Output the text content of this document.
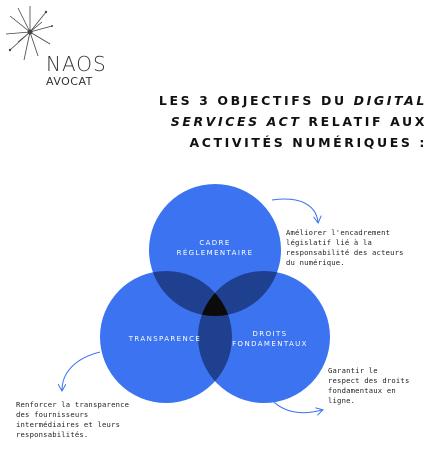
NAOS
AVOCAT
LES 3 OBJECTIFS DU DIGITAL
SERVICES ACT RELATIF AUX
ACTIVITÉS NUMÉRIQUES :
CADRE
RÉGLEMENTAIRE
TRANSPARENCE
DROITS
FONDAMENTAUX
Améliorer l'encadrement
législatif lié à la
responsabilité des acteurs
du numérique.
Garantir le
respect des droits
fondamentaux en
ligne.
Renforcer la transparence
des fournisseurs
intermédiaires et leurs
responsabilités.
